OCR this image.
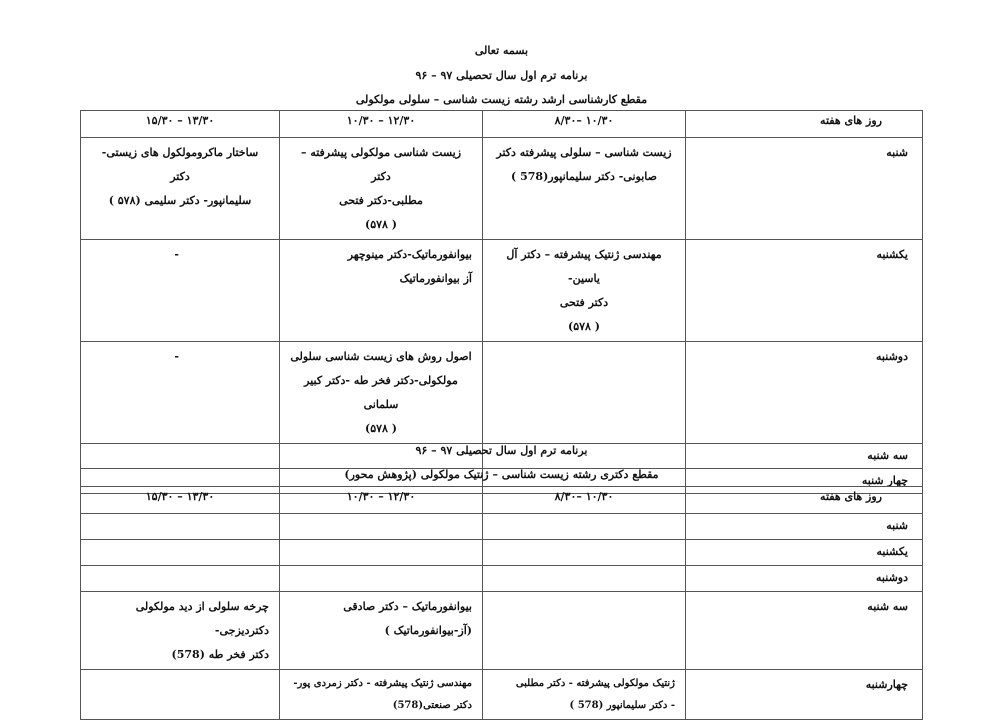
بسمه تعالی
برنامه ترم اول سال تحصیلی ۹۷ – ۹۶
مقطع کارشناسی ارشد رشته زیست شناسی – سلولی مولکولی
روز های هفته	۱۰/۳۰ –۸/۳۰	۱۲/۳۰ – ۱۰/۳۰	۱۳/۳۰ – ۱۵/۳۰

شنبه	زیست شناسی – سلولی پیشرفته دکتر
صابونی- دکتر سلیمانپور(578 )	زیست شناسی مولکولی پیشرفته – دکتر
مطلبی-دکتر فتحی
( ۵۷۸)	ساختار ماکرومولکول های زیستی- دکتر
سلیمانپور- دکتر سلیمی (۵۷۸ )

یکشنبه	مهندسی ژنتیک پیشرفته – دکتر آل یاسین-
دکتر فتحی
( ۵۷۸)	بیوانفورماتیک-دکتر مینوچهر
آز بیوانفورماتیک	-

دوشنبه		اصول روش های زیست شناسی سلولی
مولکولی-دکتر فخر طه -دکتر کبیر سلمانی
( ۵۷۸)	-

سه شنبه			

چهار شنبه			

برنامه ترم اول سال تحصیلی ۹۷ – ۹۶
مقطع دکتری رشته زیست شناسی – ژنتیک مولکولی (پژوهش محور)
روز های هفته	۱۰/۳۰ –۸/۳۰	۱۲/۳۰ – ۱۰/۳۰	۱۳/۳۰ – ۱۵/۳۰

شنبه			

یکشنبه			

دوشنبه			

سه شنبه		بیوانفورماتیک – دکتر صادقی
(آز-بیوانفورماتیک )	چرخه سلولی از دید مولکولی دکتردیزجی-
دکتر فخر طه (578)

چهارشنبه	ژنتیک مولکولی پیشرفته - دکتر مطلبی
- دکتر سلیمانپور (578 )	مهندسی ژنتیک پیشرفته - دکتر زمردی پور-
دکتر صنعتی(578)	
